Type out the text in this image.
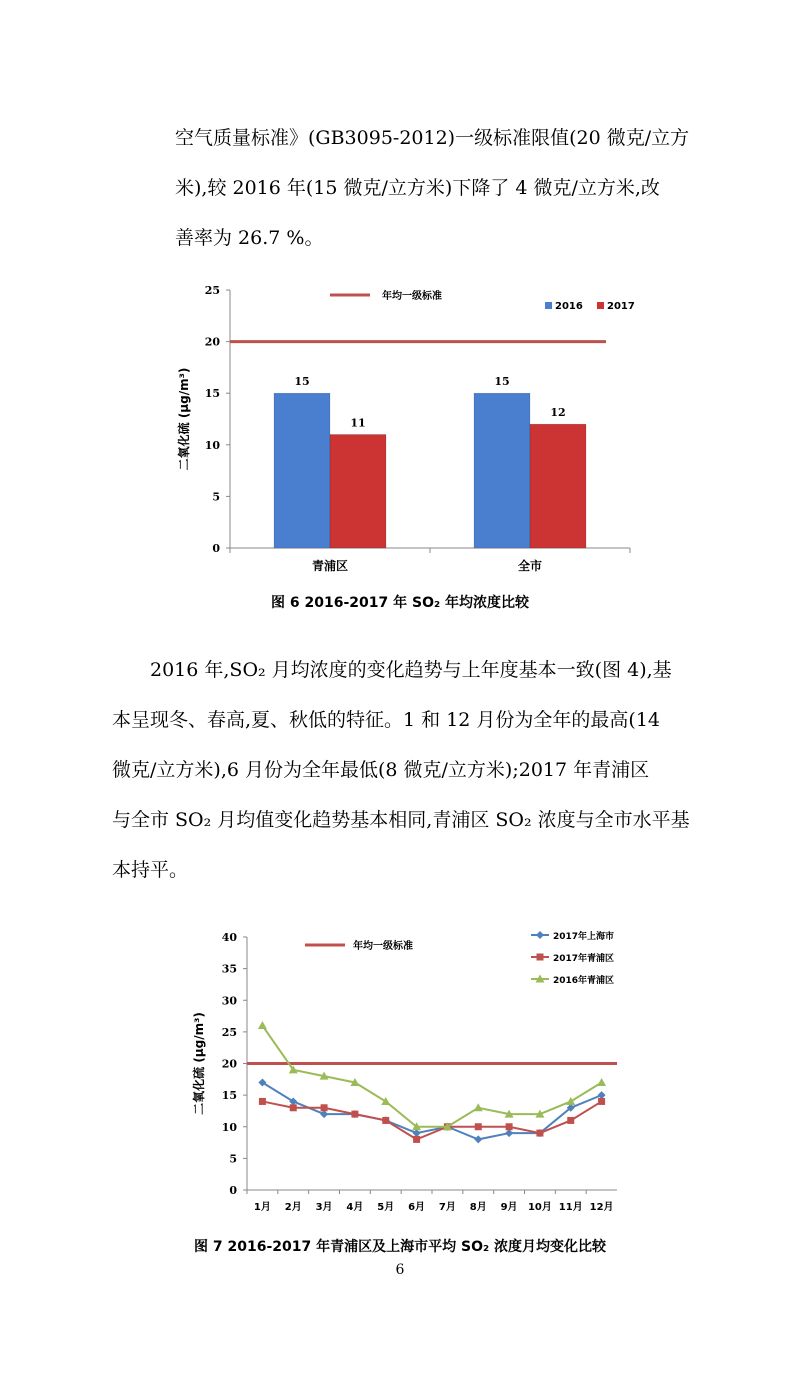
空气质量标准》(GB3095-2012)一级标准限值(20 微克/立方
米),较 2016 年(15 微克/立方米)下降了 4 微克/立方米,改
善率为 26.7 %。
0
5
10
15
20
25
二氧化硫 (μg/m³)	15
11
青浦区
15
12
全市
年均一级标准
2016 2017
图 6 2016-2017 年 SO₂ 年均浓度比较
2016 年,SO₂ 月均浓度的变化趋势与上年度基本一致(图 4),基
本呈现冬、春高,夏、秋低的特征。1 和 12 月份为全年的最高(14
微克/立方米),6 月份为全年最低(8 微克/立方米);2017 年青浦区
与全市 SO₂ 月均值变化趋势基本相同,青浦区 SO₂ 浓度与全市水平基
本持平。
0
5
10
15
20
25
30
35
40
二氧化硫 (μg/m³)
1月 2月 3月 4月 5月 6月 7月 8月 9月 10月 11月 12月
年均一级标准
2017年上海市
2017年青浦区
2016年青浦区
图 7 2016-2017 年青浦区及上海市平均 SO₂ 浓度月均变化比较
6
